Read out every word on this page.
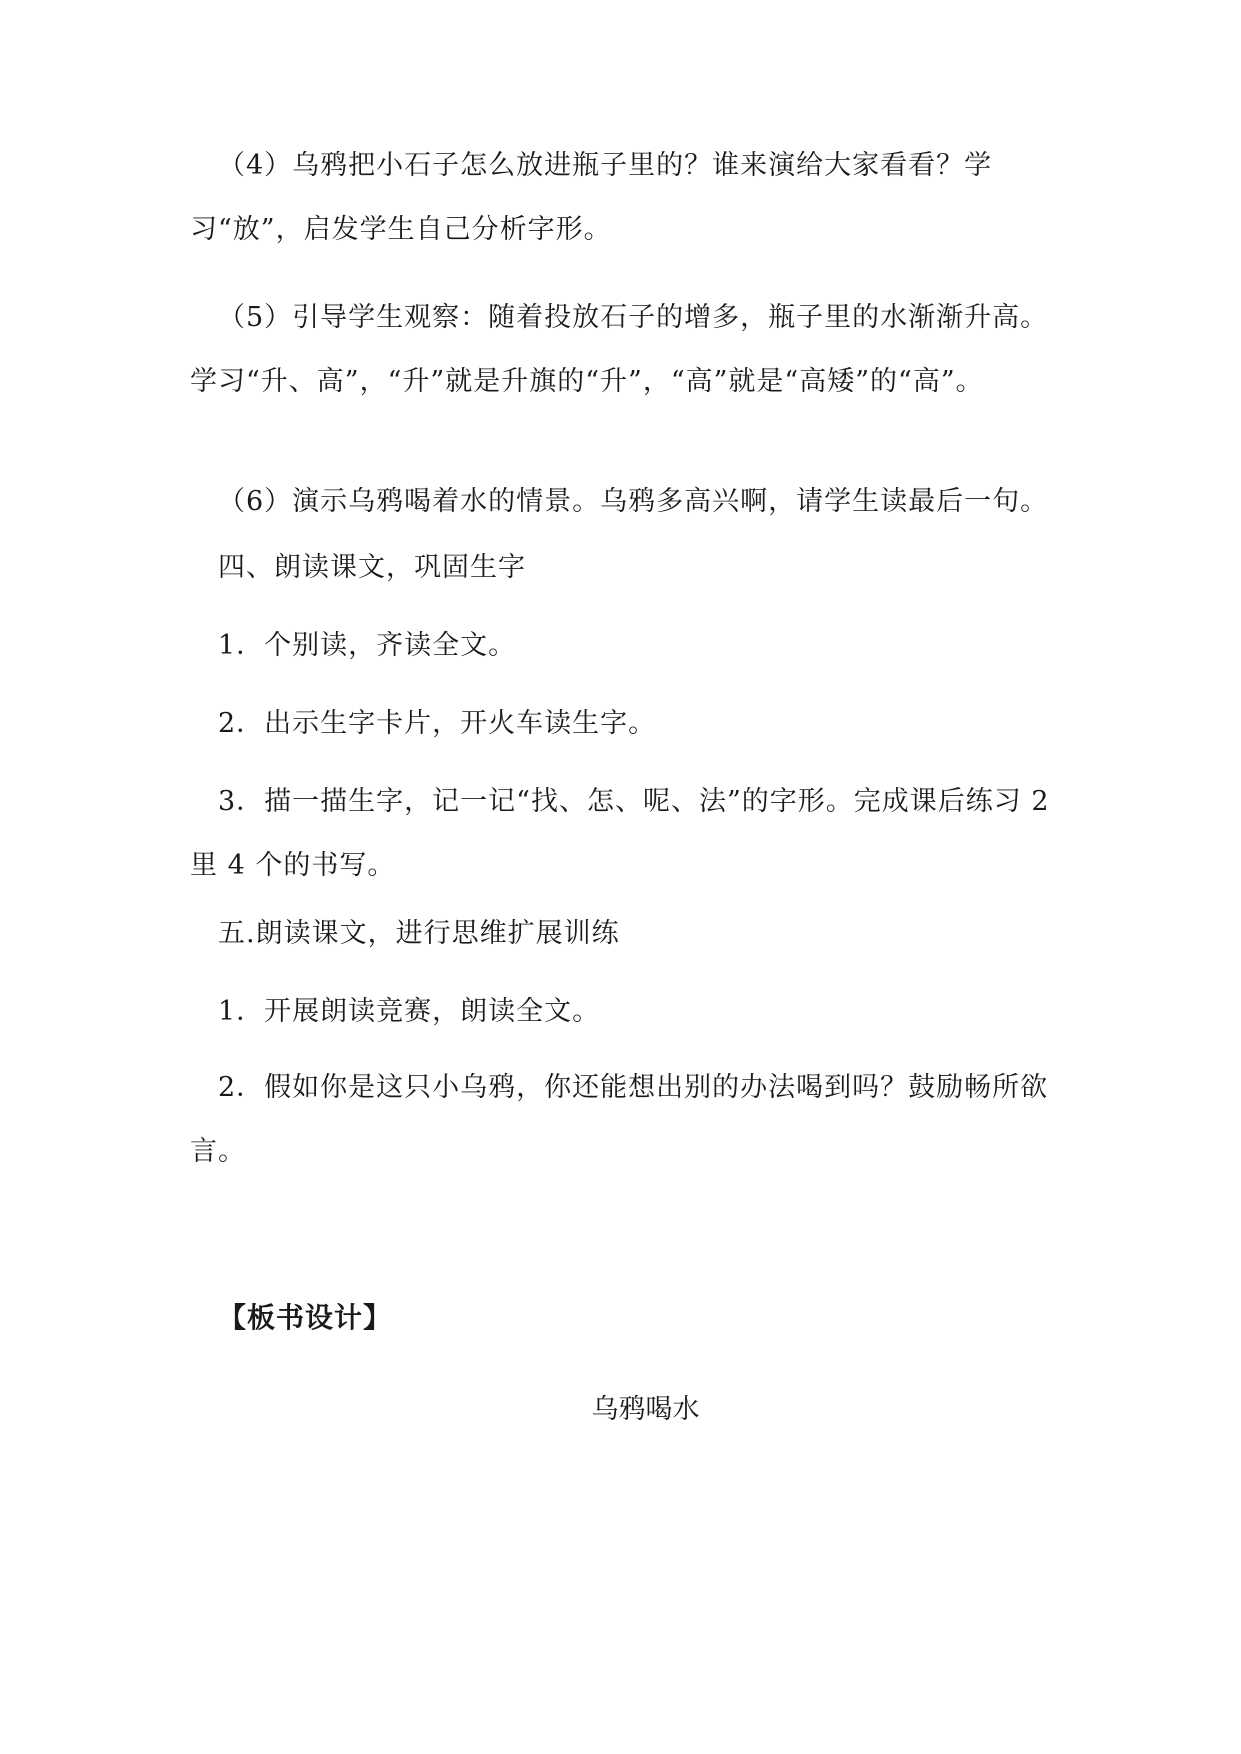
（4）乌鸦把小石子怎么放进瓶子里的？谁来演给大家看看？学习“放”，启发学生自己分析字形。

（5）引导学生观察：随着投放石子的增多，瓶子里的水渐渐升高。学习“升、高”，“升”就是升旗的“升”，“高”就是“高矮”的“高”。

（6）演示乌鸦喝着水的情景。乌鸦多高兴啊，请学生读最后一句。

四、朗读课文，巩固生字

1．个别读，齐读全文。

2．出示生字卡片，开火车读生字。

3．描一描生字，记一记“找、怎、呢、法”的字形。完成课后练习 2 里 4 个的书写。

五.朗读课文，进行思维扩展训练

1．开展朗读竞赛，朗读全文。

2．假如你是这只小乌鸦，你还能想出别的办法喝到吗？鼓励畅所欲言。

【板书设计】

乌鸦喝水
